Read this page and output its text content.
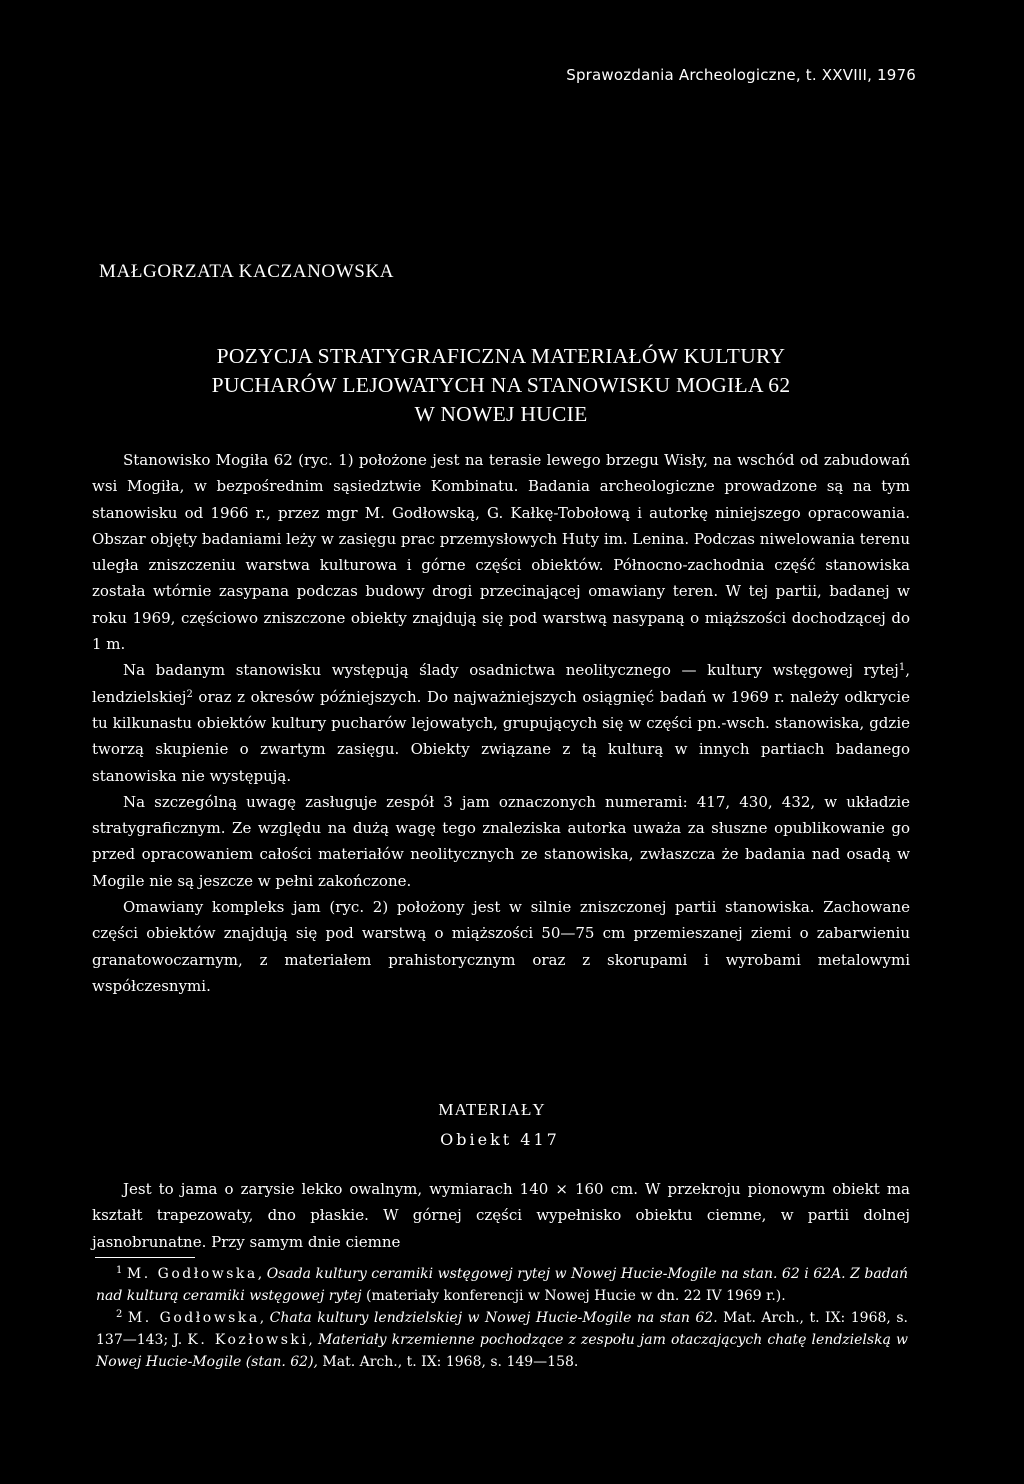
Sprawozdania Archeologiczne, t. XXVIII, 1976
MAŁGORZATA KACZANOWSKA
POZYCJA STRATYGRAFICZNA MATERIAŁÓW KULTURY
PUCHARÓW LEJOWATYCH NA STANOWISKU MOGIŁA 62
W NOWEJ HUCIE

Stanowisko Mogiła 62 (ryc. 1) położone jest na terasie lewego brzegu Wisły, na wschód od zabudowań wsi Mogiła, w bezpośrednim sąsiedztwie Kombinatu. Badania archeologiczne prowadzone są na tym stanowisku od 1966 r., przez mgr M. Godłowską, G. Kałkę-Tobołową i autorkę niniejszego opracowania. Obszar objęty badaniami leży w zasięgu prac przemysłowych Huty im. Lenina. Podczas niwelowania terenu uległa zniszczeniu warstwa kulturowa i górne części obiektów. Północno-zachodnia część stanowiska została wtórnie zasypana podczas budowy drogi przecinającej omawiany teren. W tej partii, badanej w roku 1969, częściowo zniszczone obiekty znajdują się pod warstwą nasypaną o miąższości dochodzącej do 1 m.

Na badanym stanowisku występują ślady osadnictwa neolitycznego — kultury wstęgowej rytej$^1$, lendzielskiej$^2$ oraz z okresów późniejszych. Do najważniejszych osiągnięć badań w 1969 r. należy odkrycie tu kilkunastu obiektów kultury pucharów lejowatych, grupujących się w części pn.-wsch. stanowiska, gdzie tworzą skupienie o zwartym zasięgu. Obiekty związane z tą kulturą w innych partiach badanego stanowiska nie występują.

Na szczególną uwagę zasługuje zespół 3 jam oznaczonych numerami: 417, 430, 432, w układzie stratygraficznym. Ze względu na dużą wagę tego znaleziska autorka uważa za słuszne opublikowanie go przed opracowaniem całości materiałów neolitycznych ze stanowiska, zwłaszcza że badania nad osadą w Mogile nie są jeszcze w pełni zakończone.

Omawiany kompleks jam (ryc. 2) położony jest w silnie zniszczonej partii stanowiska. Zachowane części obiektów znajdują się pod warstwą o miąższości 50—75 cm przemieszanej ziemi o zabarwieniu granatowoczarnym, z materiałem prahistorycznym oraz z skorupami i wyrobami metalowymi współczesnymi.

MATERIAŁY
Obiekt 417

Jest to jama o zarysie lekko owalnym, wymiarach 140 × 160 cm. W przekroju pionowym obiekt ma kształt trapezowaty, dno płaskie. W górnej części wypełnisko obiektu ciemne, w partii dolnej jasnobrunatne. Przy samym dnie ciemne

$^1$ M. Godłowska, Osada kultury ceramiki wstęgowej rytej w Nowej Hucie-Mogile na stan. 62 i 62A. Z badań nad kulturą ceramiki wstęgowej rytej (materiały konferencji w Nowej Hucie w dn. 22 IV 1969 r.).

$^2$ M. Godłowska, Chata kultury lendzielskiej w Nowej Hucie-Mogile na stan 62. Mat. Arch., t. IX: 1968, s. 137—143; J. K. Kozłowski, Materiały krzemienne pochodzące z zespołu jam otaczających chatę lendzielską w Nowej Hucie-Mogile (stan. 62), Mat. Arch., t. IX: 1968, s. 149—158.
